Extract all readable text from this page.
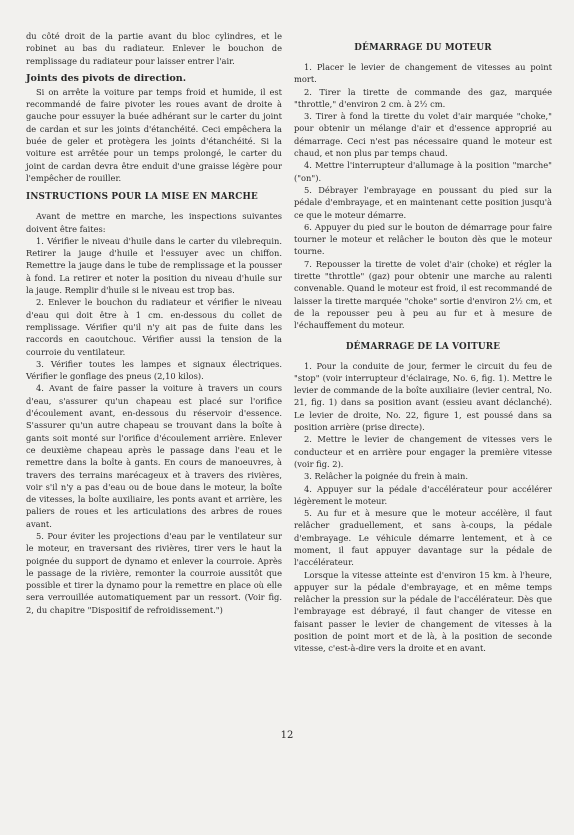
du côté droit de la partie avant du bloc cylindres, et le robinet au bas du radiateur. Enlever le bouchon de remplissage du radiateur pour laisser entrer l'air.

Joints des pivots de direction.

Si on arrête la voiture par temps froid et humide, il est recommandé de faire pivoter les roues avant de droite à gauche pour essuyer la buée adhérant sur le carter du joint de cardan et sur les joints d'étanchéité. Ceci empêchera la buée de geler et protègera les joints d'étanchéité. Si la voiture est arrêtée pour un temps prolongé, le carter du joint de cardan devra être enduit d'une graisse légère pour l'empêcher de rouiller.

INSTRUCTIONS POUR LA MISE EN MARCHE

Avant de mettre en marche, les inspections suivantes doivent être faites:

1. Vérifier le niveau d'huile dans le carter du vilebrequin. Retirer la jauge d'huile et l'essuyer avec un chiffon. Remettre la jauge dans le tube de remplissage et la pousser à fond. La retirer et noter la position du niveau d'huile sur la jauge. Remplir d'huile si le niveau est trop bas.

2. Enlever le bouchon du radiateur et vérifier le niveau d'eau qui doit être à 1 cm. en-dessous du collet de remplissage. Vérifier qu'il n'y ait pas de fuite dans les raccords en caoutchouc. Vérifier aussi la tension de la courroie du ventilateur.

3. Vérifier toutes les lampes et signaux électriques. Vérifier le gonflage des pneus (2,10 kilos).

4. Avant de faire passer la voiture à travers un cours d'eau, s'assurer qu'un chapeau est placé sur l'orifice d'écoulement avant, en-dessous du réservoir d'essence. S'assurer qu'un autre chapeau se trouvant dans la boîte à gants soit monté sur l'orifice d'écoulement arrière. Enlever ce deuxième chapeau après le passage dans l'eau et le remettre dans la boîte à gants. En cours de manoeuvres, à travers des terrains marécageux et à travers des rivières, voir s'il n'y a pas d'eau ou de boue dans le moteur, la boîte de vitesses, la boîte auxiliaire, les ponts avant et arrière, les paliers de roues et les articulations des arbres de roues avant.

5. Pour éviter les projections d'eau par le ventilateur sur le moteur, en traversant des rivières, tirer vers le haut la poignée du support de dynamo et enlever la courroie. Après le passage de la rivière, remonter la courroie aussitôt que possible et tirer la dynamo pour la remettre en place où elle sera verrouillée automatiquement par un ressort. (Voir fig. 2, du chapitre "Dispositif de refroidissement.")

DÉMARRAGE DU MOTEUR

1. Placer le levier de changement de vitesses au point mort.

2. Tirer la tirette de commande des gaz, marquée "throttle," d'environ 2 cm. à 2½ cm.

3. Tirer à fond la tirette du volet d'air marquée "choke," pour obtenir un mélange d'air et d'essence approprié au démarrage. Ceci n'est pas nécessaire quand le moteur est chaud, et non plus par temps chaud.

4. Mettre l'interrupteur d'allumage à la position "marche" ("on").

5. Débrayer l'embrayage en poussant du pied sur la pédale d'embrayage, et en maintenant cette position jusqu'à ce que le moteur démarre.

6. Appuyer du pied sur le bouton de démarrage pour faire tourner le moteur et relâcher le bouton dès que le moteur tourne.

7. Repousser la tirette de volet d'air (choke) et régler la tirette "throttle" (gaz) pour obtenir une marche au ralenti convenable. Quand le moteur est froid, il est recommandé de laisser la tirette marquée "choke" sortie d'environ 2½ cm, et de la repousser peu à peu au fur et à mesure de l'échauffement du moteur.

DÉMARRAGE DE LA VOITURE

1. Pour la conduite de jour, fermer le circuit du feu de "stop" (voir interrupteur d'éclairage, No. 6, fig. 1). Mettre le levier de commande de la boîte auxiliaire (levier central, No. 21, fig. 1) dans sa position avant (essieu avant déclanché). Le levier de droite, No. 22, figure 1, est poussé dans sa position arrière (prise directe).

2. Mettre le levier de changement de vitesses vers le conducteur et en arrière pour engager la première vitesse (voir fig. 2).

3. Relâcher la poignée du frein à main.

4. Appuyer sur la pédale d'accélérateur pour accélérer légèrement le moteur.

5. Au fur et à mesure que le moteur accélère, il faut relâcher graduellement, et sans à-coups, la pédale d'embrayage. Le véhicule démarre lentement, et à ce moment, il faut appuyer davantage sur la pédale de l'accélérateur.

Lorsque la vitesse atteinte est d'environ 15 km. à l'heure, appuyer sur la pédale d'embrayage, et en même temps relâcher la pression sur la pédale de l'accélérateur. Dès que l'embrayage est débrayé, il faut changer de vitesse en faisant passer le levier de changement de vitesses à la position de point mort et de là, à la position de seconde vitesse, c'est-à-dire vers la droite et en avant.

12
